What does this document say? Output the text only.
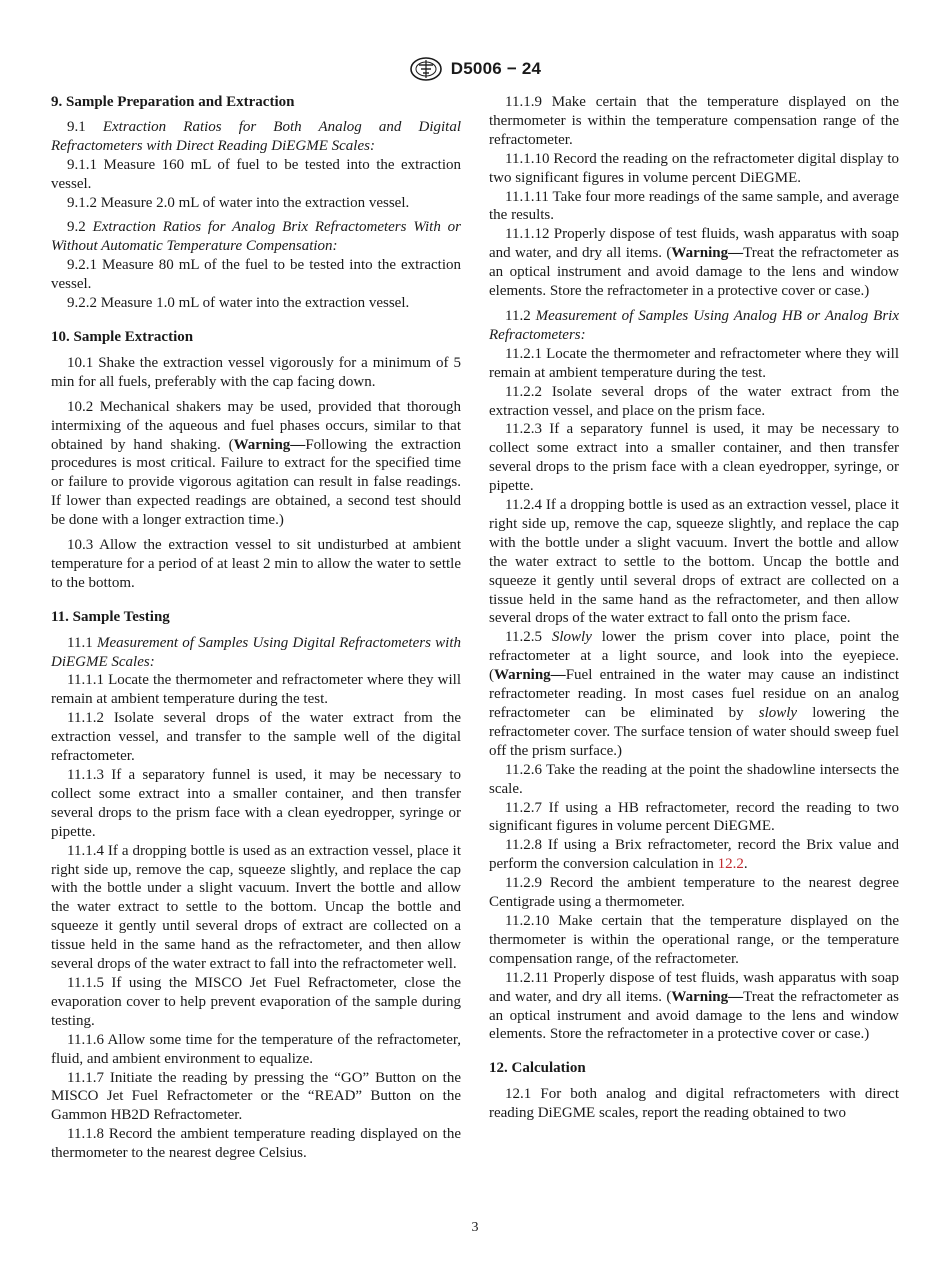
D5006 − 24
9. Sample Preparation and Extraction

9.1 Extraction Ratios for Both Analog and Digital Refractometers with Direct Reading DiEGME Scales:

9.1.1 Measure 160 mL of fuel to be tested into the extraction vessel.

9.1.2 Measure 2.0 mL of water into the extraction vessel.

9.2 Extraction Ratios for Analog Brix Refractometers With or Without Automatic Temperature Compensation:

9.2.1 Measure 80 mL of the fuel to be tested into the extraction vessel.

9.2.2 Measure 1.0 mL of water into the extraction vessel.

10. Sample Extraction

10.1 Shake the extraction vessel vigorously for a minimum of 5 min for all fuels, preferably with the cap facing down.

10.2 Mechanical shakers may be used, provided that thorough intermixing of the aqueous and fuel phases occurs, similar to that obtained by hand shaking. (Warning—Following the extraction procedures is most critical. Failure to extract for the specified time or failure to provide vigorous agitation can result in false readings. If lower than expected readings are obtained, a second test should be done with a longer extraction time.)

10.3 Allow the extraction vessel to sit undisturbed at ambient temperature for a period of at least 2 min to allow the water to settle to the bottom.

11. Sample Testing

11.1 Measurement of Samples Using Digital Refractometers with DiEGME Scales:

11.1.1 Locate the thermometer and refractometer where they will remain at ambient temperature during the test.

11.1.2 Isolate several drops of the water extract from the extraction vessel, and transfer to the sample well of the digital refractometer.

11.1.3 If a separatory funnel is used, it may be necessary to collect some extract into a smaller container, and then transfer several drops to the prism face with a clean eyedropper, syringe or pipette.

11.1.4 If a dropping bottle is used as an extraction vessel, place it right side up, remove the cap, squeeze slightly, and replace the cap with the bottle under a slight vacuum. Invert the bottle and allow the water extract to settle to the bottom. Uncap the bottle and squeeze it gently until several drops of extract are collected on a tissue held in the same hand as the refractometer, and then allow several drops of the water extract to fall into the refractometer well.

11.1.5 If using the MISCO Jet Fuel Refractometer, close the evaporation cover to help prevent evaporation of the sample during testing.

11.1.6 Allow some time for the temperature of the refractometer, fluid, and ambient environment to equalize.

11.1.7 Initiate the reading by pressing the “GO” Button on the MISCO Jet Fuel Refractometer or the “READ” Button on the Gammon HB2D Refractometer.

11.1.8 Record the ambient temperature reading displayed on the thermometer to the nearest degree Celsius.

11.1.9 Make certain that the temperature displayed on the thermometer is within the temperature compensation range of the refractometer.

11.1.10 Record the reading on the refractometer digital display to two significant figures in volume percent DiEGME.

11.1.11 Take four more readings of the same sample, and average the results.

11.1.12 Properly dispose of test fluids, wash apparatus with soap and water, and dry all items. (Warning—Treat the refractometer as an optical instrument and avoid damage to the lens and window elements. Store the refractometer in a protective cover or case.)

11.2 Measurement of Samples Using Analog HB or Analog Brix Refractometers:

11.2.1 Locate the thermometer and refractometer where they will remain at ambient temperature during the test.

11.2.2 Isolate several drops of the water extract from the extraction vessel, and place on the prism face.

11.2.3 If a separatory funnel is used, it may be necessary to collect some extract into a smaller container, and then transfer several drops to the prism face with a clean eyedropper, syringe, or pipette.

11.2.4 If a dropping bottle is used as an extraction vessel, place it right side up, remove the cap, squeeze slightly, and replace the cap with the bottle under a slight vacuum. Invert the bottle and allow the water extract to settle to the bottom. Uncap the bottle and squeeze it gently until several drops of extract are collected on a tissue held in the same hand as the refractometer, and then allow several drops of the water extract to fall onto the prism face.

11.2.5 Slowly lower the prism cover into place, point the refractometer at a light source, and look into the eyepiece. (Warning—Fuel entrained in the water may cause an indistinct refractometer reading. In most cases fuel residue on an analog refractometer can be eliminated by slowly lowering the refractometer cover. The surface tension of water should sweep fuel off the prism surface.)

11.2.6 Take the reading at the point the shadowline intersects the scale.

11.2.7 If using a HB refractometer, record the reading to two significant figures in volume percent DiEGME.

11.2.8 If using a Brix refractometer, record the Brix value and perform the conversion calculation in 12.2.

11.2.9 Record the ambient temperature to the nearest degree Centigrade using a thermometer.

11.2.10 Make certain that the temperature displayed on the thermometer is within the operational range, or the temperature compensation range, of the refractometer.

11.2.11 Properly dispose of test fluids, wash apparatus with soap and water, and dry all items. (Warning—Treat the refractometer as an optical instrument and avoid damage to the lens and window elements. Store the refractometer in a protective cover or case.)

12. Calculation

12.1 For both analog and digital refractometers with direct reading DiEGME scales, report the reading obtained to two

3
